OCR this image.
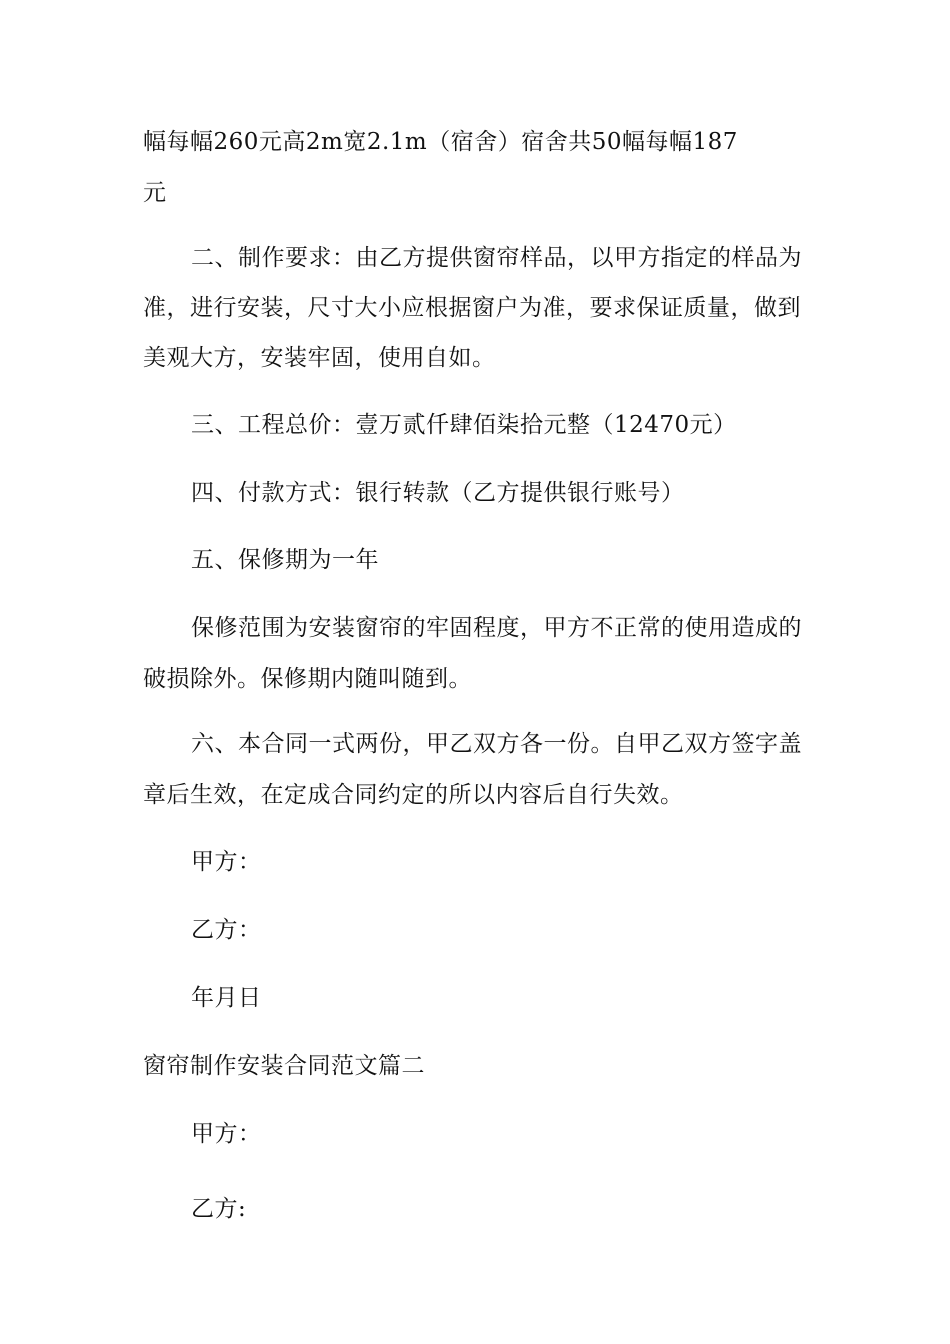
幅每幅260元高2m宽2.1m（宿舍）宿舍共50幅每幅187
元
二、制作要求：由乙方提供窗帘样品，以甲方指定的样品为
准，进行安装，尺寸大小应根据窗户为准，要求保证质量，做到
美观大方，安装牢固，使用自如。
三、工程总价：壹万贰仟肆佰柒拾元整（12470元）
四、付款方式：银行转款（乙方提供银行账号）
五、保修期为一年
保修范围为安装窗帘的牢固程度，甲方不正常的使用造成的
破损除外。保修期内随叫随到。
六、本合同一式两份，甲乙双方各一份。自甲乙双方签字盖
章后生效，在定成合同约定的所以内容后自行失效。
甲方：
乙方：
年月日
窗帘制作安装合同范文篇二
甲方：
乙方:
